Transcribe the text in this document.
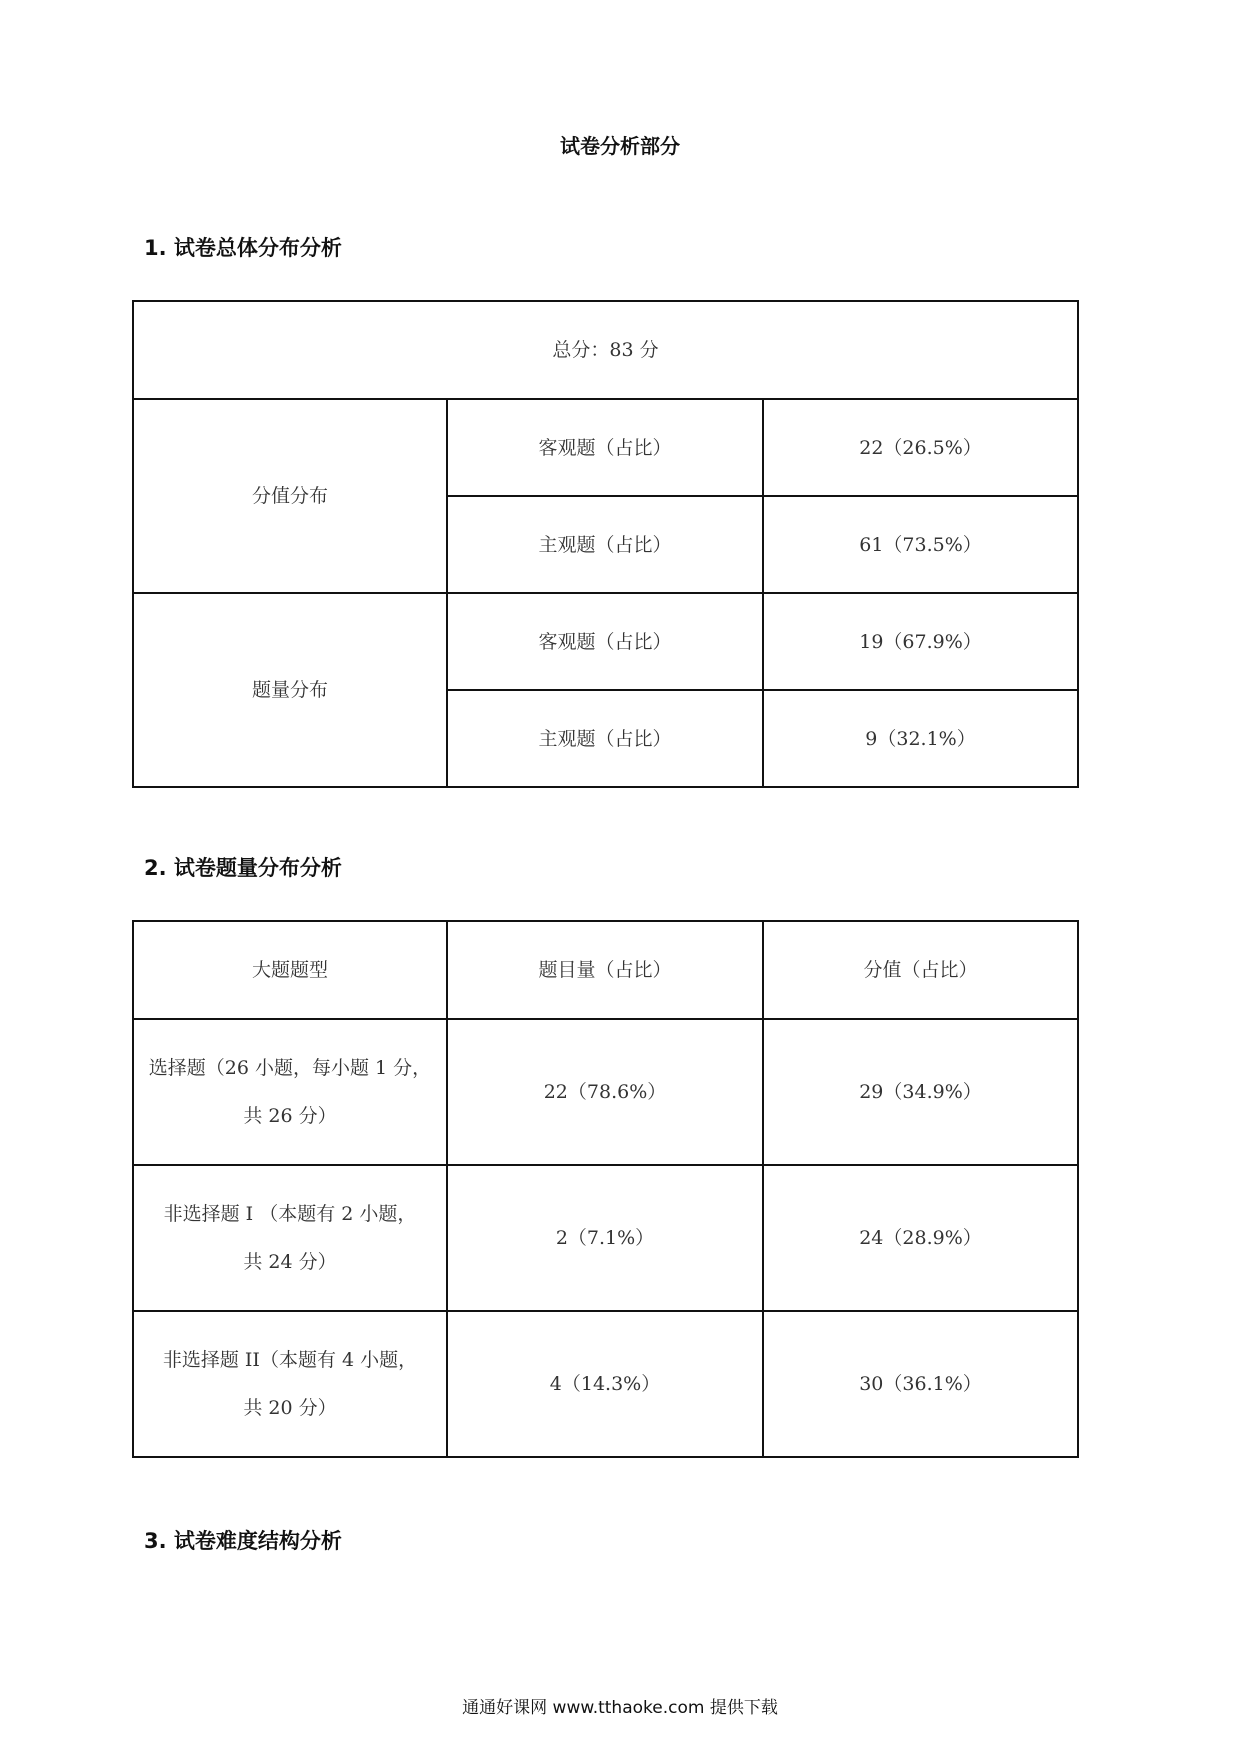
试卷分析部分
1. 试卷总体分布分析
总分：83 分		
分值分布	客观题（占比）	22（26.5%）
	主观题（占比）	61（73.5%）
题量分布	客观题（占比）	19（67.9%）
	主观题（占比）	9（32.1%）
2. 试卷题量分布分析
大题题型	题目量（占比）	分值（占比）

选择题（26 小题，每小题 1 分，
共 26 分）	22（78.6%）	29（34.9%）

非选择题 I （本题有 2 小题，
共 24 分）	2（7.1%）	24（28.9%）

非选择题 II（本题有 4 小题，
共 20 分）	4（14.3%）	30（36.1%）
3. 试卷难度结构分析
通通好课网 www.tthaoke.com 提供下载
